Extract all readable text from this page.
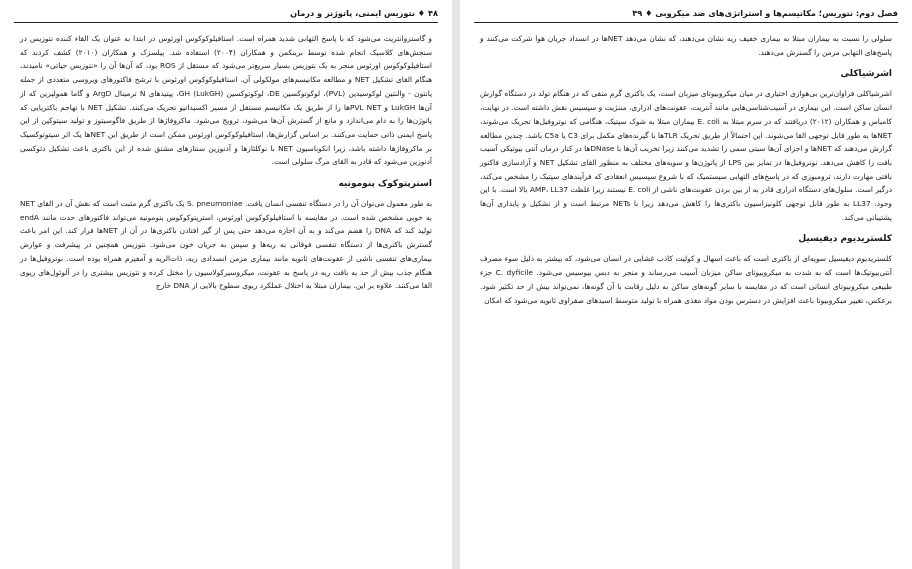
۴۸ ♦ نتوزیس ایمنی، پاتوژنز و درمان

و گاستروانتریت می‌شود که با پاسخ التهابی شدید همراه است. استافیلوکوکوس اورئوس در ابتدا به عنوان یک القاء کننده نتوزیس در سنجش‌های کلاسیک انجام شده توسط برینکمن و همکاران (۲۰۰۴) استفاده شد. پیلسزک و همکاران (۲۰۱۰) کشف کردند که استافیلوکوکوس اورئوس منجر به یک نتوزیس بسیار سریع‌تر می‌شود که مستقل از ROS بود، که آن‌ها آن را «نتوزیس حیاتی» نامیدند، هنگام القای تشکیل NET و مطالعه مکانیسم‌های مولکولی آن. استافیلوکوکوس اورئوس با ترشح فاکتورهای ویروسی متعددی از جمله پانتون - والنتین لوکوسیدین (PVL)، لوکوتوکسین DE، لوکوتوکسین GH (LukGH)، پپتیدهای N ترمینال ArgD و گاما همولیزین که از آن‌ها LukGH و PVL NETها را از طریق یک مکانیسم مستقل از مسیر اکسیداتیو تحریک می‌کنند. تشکیل NET با تهاجم باکتریایی که پاتوژن‌ها را به دام می‌اندازد و مانع از گسترش آن‌ها می‌شود، ترویج می‌شود. ماکروفاژها از طریق فاگوسیتوز و تولید سیتوکین از این پاسخ ایمنی ذاتی حمایت می‌کنند. بر اساس گزارش‌ها، استافیلوکوکوس اورئوس ممکن است از طریق این NETها یک اثر سیتوتوکسیک بر ماکروفاژها داشته باشد، زیرا انکوباسیون NET با نوکلئازها و آدنوزین سنتازهای مشتق شده از این باکتری باعث تشکیل دئوکسی آدنوزین می‌شود که قادر به القای مرگ سلولی است.

استرپتوکوک پنومونیه

به طور معمول می‌توان آن را در دستگاه تنفسی انسان یافت. S. pneumoniae یک باکتری گرم مثبت است که نقش آن در القای NET به خوبی مشخص شده است. در مقایسه با استافیلوکوکوس اورئوس، استرپتوکوکوس پنومونیه می‌تواند فاکتورهای حدت مانند endA تولید کند که DNA را هضم می‌کند و به آن اجازه می‌دهد حتی پس از گیر افتادن باکتری‌ها در آن از NETها فرار کند. این امر باعث گسترش باکتری‌ها از دستگاه تنفسی فوقانی به ریه‌ها و سپس به جریان خون می‌شود. نتوزیس همچنین در پیشرفت و عوارض بیماری‌های تنفسی ناشی از عفونت‌های ثانویه مانند بیماری مزمن انسدادی ریه، ذات‌الریه و آمفیزم همراه بوده است. نوتروفیل‌ها در هنگام جذب بیش از حد به بافت ریه در پاسخ به عفونت، میکروسیرکولاسیون را مختل کرده و نتوزیس بیشتری را در آلوئول‌های ریوی القا می‌کنند. علاوه بر این، بیماران مبتلا به اختلال عملکرد ریوی سطوح بالایی از DNA خارج

فصل دوم: نتوزیس؛ مکانیسم‌ها و استراتژی‌های ضد میکروبی ♦ ۴۹

سلولی را نسبت به بیماران مبتلا به بیماری خفیف ریه نشان می‌دهند، که نشان می‌دهد NETها در انسداد جریان هوا شرکت می‌کنند و پاسخ‌های التهابی مزمن را گسترش می‌دهند.

اشرشیاکلی

اشرشیاکلی فراوان‌ترین بی‌هوازی اختیاری در میان میکروبیوتای میزبان است، یک باکتری گرم منفی که در هنگام تولد در دستگاه گوارش انسان ساکن است. این بیماری در آسیب‌شناسی‌هایی مانند آنتریت، عفونت‌های ادراری، مننژیت و سپسیس نقش داشته است. در نهایت، کامباس و همکاران (۲۰۱۲) دریافتند که در سرم مبتلا به E. coli بیماران مبتلا به شوک سپتیک، هنگامی که نوتروفیل‌ها تحریک می‌شوند، NETها به طور قابل توجهی القا می‌شوند. این احتمالاً از طریق تحریک TLRها با گیرنده‌های مکمل برای C3 یا C5a باشد. چندین مطالعه گزارش می‌دهند که NETها و اجزای آن‌ها سیتی سمی را تشدید می‌کنند زیرا تخریب آن‌ها با DNaseها در کنار درمان آنتی بیوتیکی آسیب بافت را کاهش می‌دهد. نوتروفیل‌ها در تمایز بین LPS از پاتوژن‌ها و سویه‌های مختلف به منظور القای تشکیل NET و آزادسازی فاکتور بافتی مهارت دارند، ترومبوزی که در پاسخ‌های التهابی سیستمیک که با شروع سپسیس انعقادی که فرآیندهای سپتیک را مشخص می‌کند، درگیر است. سلول‌های دستگاه ادراری قادر به از بین بردن عفونت‌های ناشی از E. coli نیستند زیرا غلظت AMP، LL37 بالا است. با این وجود، LL37 به طور قابل توجهی کلونیزاسیون باکتری‌ها را کاهش می‌دهد زیرا با NETs مرتبط است و از تشکیل و پایداری آن‌ها پشتیبانی می‌کند.

کلستریدیوم دیفیسیل

کلستریدیوم دیفیسیل سویه‌ای از باکتری است که باعث اسهال و کولیت کاذب غشایی در انسان می‌شود، که بیشتر به دلیل سوء مصرف آنتی‌بیوتیک‌ها است که به شدت به میکروبیوتای ساکن میزبان آسیب می‌رساند و منجر به دیس بیوسیس می‌شود. C. dyficile جزء طبیعی میکروبیوتای انسانی است که در مقایسه با سایر گونه‌های ساکن به دلیل رقابت با آن گونه‌ها، نمی‌تواند بیش از حد تکثیر شود. برعکس، تغییر میکروبیوتا باعث افزایش در دسترس بودن مواد مغذی همراه با تولید متوسط اسیدهای صفراوی ثانویه می‌شود که امکان
